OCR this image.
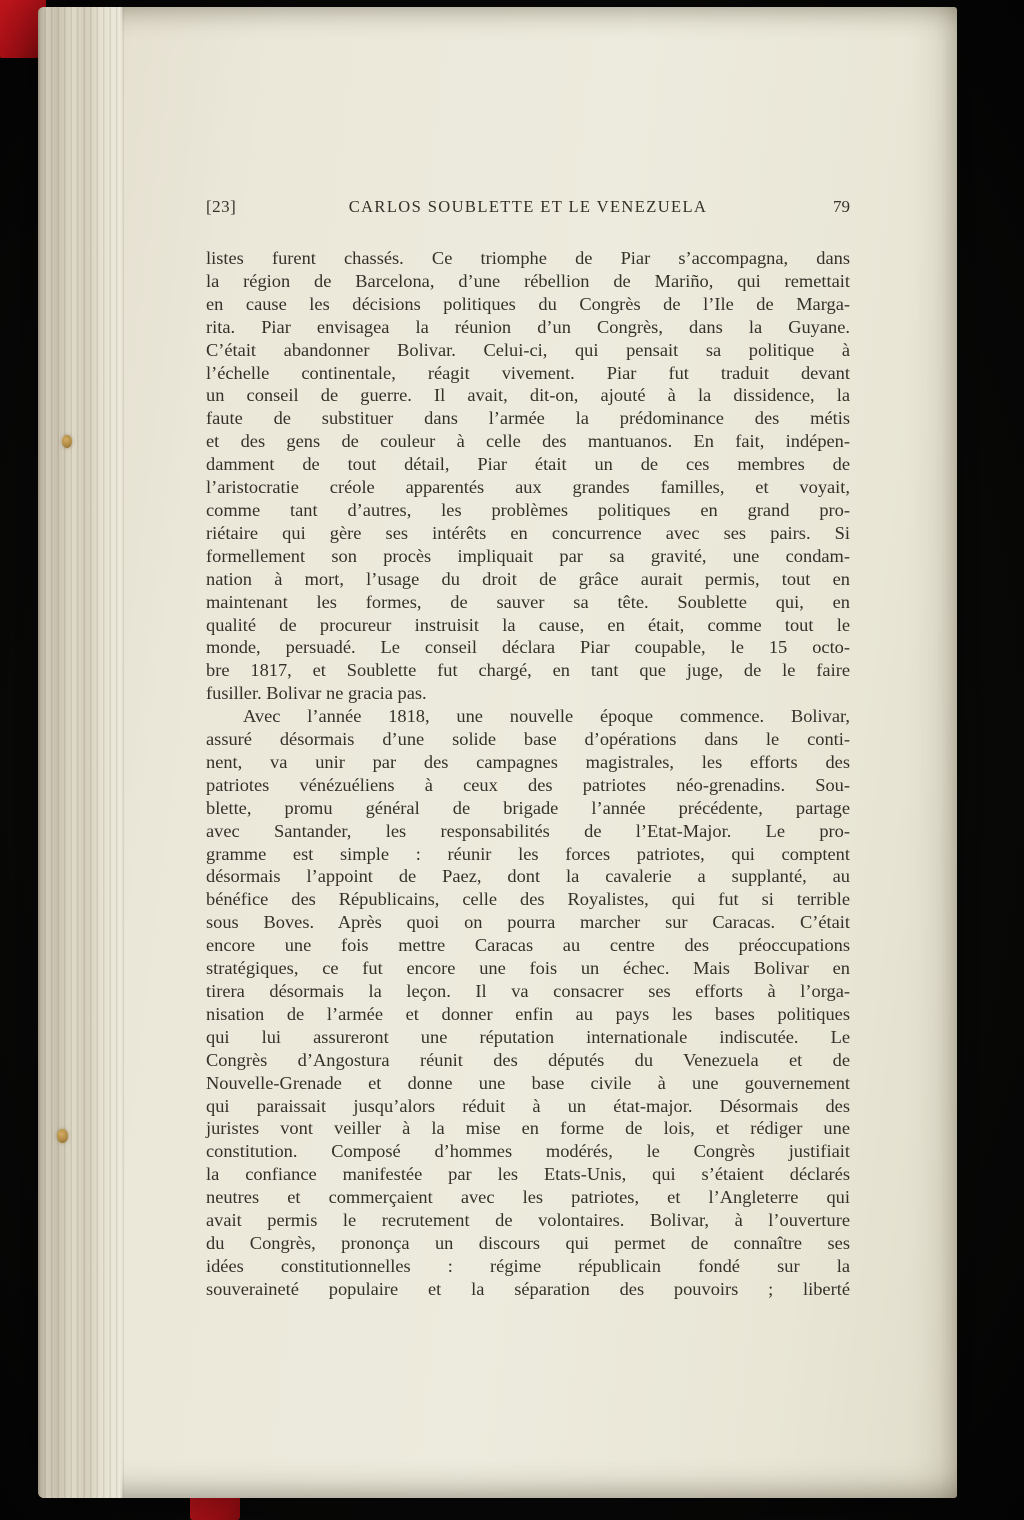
[23]	CARLOS SOUBLETTE ET LE VENEZUELA	79
listes furent chassés. Ce triomphe de Piar s’accompagna, dans
la région de Barcelona, d’une rébellion de Mariño, qui remettait
en cause les décisions politiques du Congrès de l’Ile de Marga-
rita. Piar envisagea la réunion d’un Congrès, dans la Guyane.
C’était abandonner Bolivar. Celui-ci, qui pensait sa politique à
l’échelle continentale, réagit vivement. Piar fut traduit devant
un conseil de guerre. Il avait, dit-on, ajouté à la dissidence, la
faute de substituer dans l’armée la prédominance des métis
et des gens de couleur à celle des mantuanos. En fait, indépen-
damment de tout détail, Piar était un de ces membres de
l’aristocratie créole apparentés aux grandes familles, et voyait,
comme tant d’autres, les problèmes politiques en grand pro-
riétaire qui gère ses intérêts en concurrence avec ses pairs. Si
formellement son procès impliquait par sa gravité, une condam-
nation à mort, l’usage du droit de grâce aurait permis, tout en
maintenant les formes, de sauver sa tête. Soublette qui, en
qualité de procureur instruisit la cause, en était, comme tout le
monde, persuadé. Le conseil déclara Piar coupable, le 15 octo-
bre 1817, et Soublette fut chargé, en tant que juge, de le faire
fusiller. Bolivar ne gracia pas.
Avec l’année 1818, une nouvelle époque commence. Bolivar,
assuré désormais d’une solide base d’opérations dans le conti-
nent, va unir par des campagnes magistrales, les efforts des
patriotes vénézuéliens à ceux des patriotes néo-grenadins. Sou-
blette, promu général de brigade l’année précédente, partage
avec Santander, les responsabilités de l’Etat-Major. Le pro-
gramme est simple : réunir les forces patriotes, qui comptent
désormais l’appoint de Paez, dont la cavalerie a supplanté, au
bénéfice des Républicains, celle des Royalistes, qui fut si terrible
sous Boves. Après quoi on pourra marcher sur Caracas. C’était
encore une fois mettre Caracas au centre des préoccupations
stratégiques, ce fut encore une fois un échec. Mais Bolivar en
tirera désormais la leçon. Il va consacrer ses efforts à l’orga-
nisation de l’armée et donner enfin au pays les bases politiques
qui lui assureront une réputation internationale indiscutée. Le
Congrès d’Angostura réunit des députés du Venezuela et de
Nouvelle-Grenade et donne une base civile à une gouvernement
qui paraissait jusqu’alors réduit à un état-major. Désormais des
juristes vont veiller à la mise en forme de lois, et rédiger une
constitution. Composé d’hommes modérés, le Congrès justifiait
la confiance manifestée par les Etats-Unis, qui s’étaient déclarés
neutres et commerçaient avec les patriotes, et l’Angleterre qui
avait permis le recrutement de volontaires. Bolivar, à l’ouverture
du Congrès, prononça un discours qui permet de connaître ses
idées constitutionnelles : régime républicain fondé sur la
souveraineté populaire et la séparation des pouvoirs ; liberté
